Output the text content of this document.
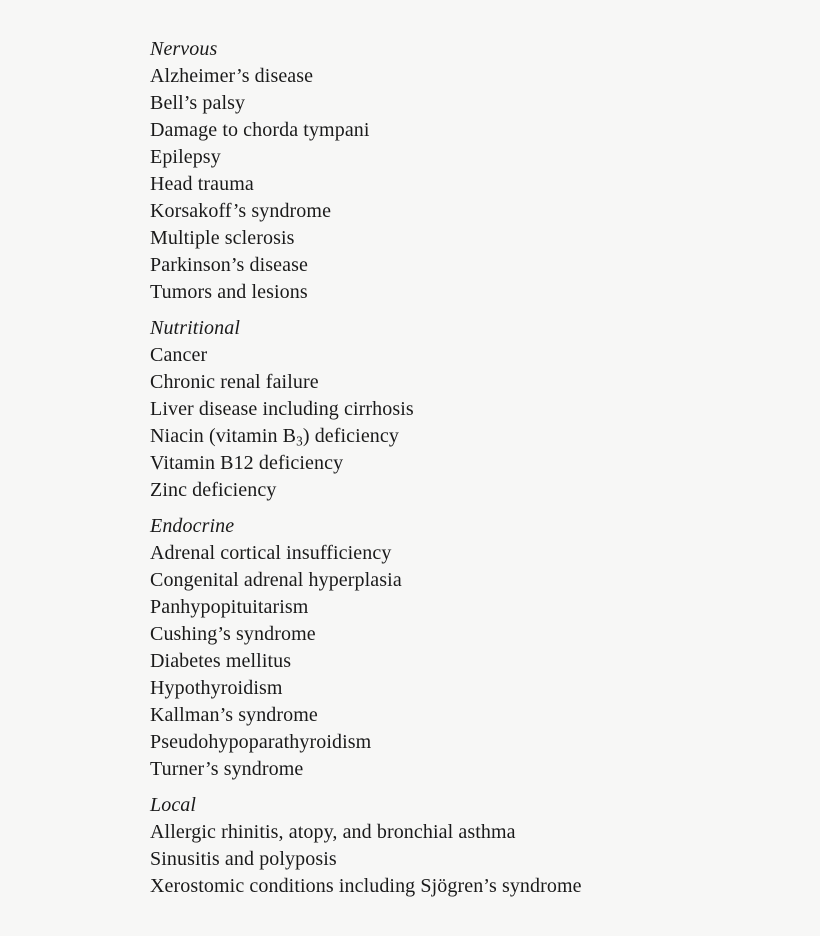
Nervous
Alzheimer’s disease
Bell’s palsy
Damage to chorda tympani
Epilepsy
Head trauma
Korsakoff’s syndrome
Multiple sclerosis
Parkinson’s disease
Tumors and lesions
Nutritional
Cancer
Chronic renal failure
Liver disease including cirrhosis
Niacin (vitamin $B_3$) deficiency
Vitamin B12 deficiency
Zinc deficiency
Endocrine
Adrenal cortical insufficiency
Congenital adrenal hyperplasia
Panhypopituitarism
Cushing’s syndrome
Diabetes mellitus
Hypothyroidism
Kallman’s syndrome
Pseudohypoparathyroidism
Turner’s syndrome
Local
Allergic rhinitis, atopy, and bronchial asthma
Sinusitis and polyposis
Xerostomic conditions including Sjögren’s syndrome
